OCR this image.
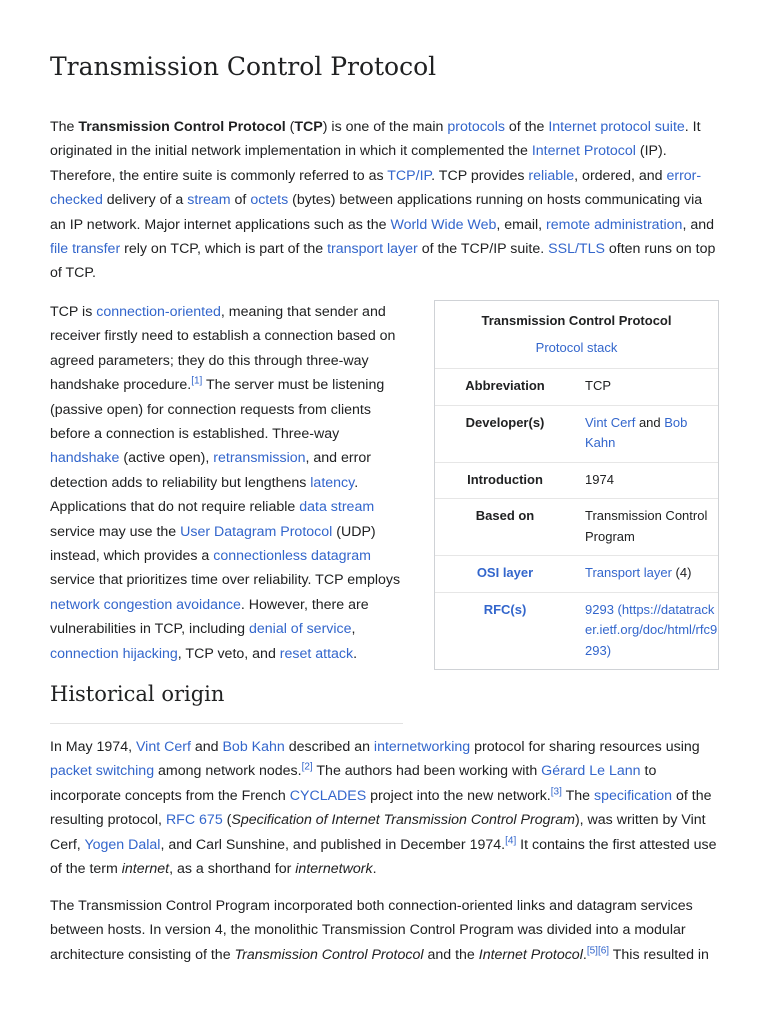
Transmission Control Protocol

The Transmission Control Protocol (TCP) is one of the main protocols of the Internet protocol suite. It originated in the initial network implementation in which it complemented the Internet Protocol (IP). Therefore, the entire suite is commonly referred to as TCP/IP. TCP provides reliable, ordered, and error-checked delivery of a stream of octets (bytes) between applications running on hosts communicating via an IP network. Major internet applications such as the World Wide Web, email, remote administration, and file transfer rely on TCP, which is part of the transport layer of the TCP/IP suite. SSL/TLS often runs on top of TCP.

TCP is connection-oriented, meaning that sender and receiver firstly need to establish a connection based on agreed parameters; they do this through three-way handshake procedure.[1] The server must be listening (passive open) for connection requests from clients before a connection is established. Three-way handshake (active open), retransmission, and error detection adds to reliability but lengthens latency. Applications that do not require reliable data stream service may use the User Datagram Protocol (UDP) instead, which provides a connectionless datagram service that prioritizes time over reliability. TCP employs network congestion avoidance. However, there are vulnerabilities in TCP, including denial of service, connection hijacking, TCP veto, and reset attack.

Transmission Control Protocol
Protocol stack
Abbreviation	TCP
Developer(s)	Vint Cerf and Bob Kahn
Introduction	1974
Based on	Transmission Control Program
OSI layer	Transport layer (4)
RFC(s)	9293 (https://datatracker.ietf.org/doc/html/rfc9293)
Historical origin

In May 1974, Vint Cerf and Bob Kahn described an internetworking protocol for sharing resources using packet switching among network nodes.[2] The authors had been working with Gérard Le Lann to incorporate concepts from the French CYCLADES project into the new network.[3] The specification of the resulting protocol, RFC 675 (Specification of Internet Transmission Control Program), was written by Vint Cerf, Yogen Dalal, and Carl Sunshine, and published in December 1974.[4] It contains the first attested use of the term internet, as a shorthand for internetwork.

The Transmission Control Program incorporated both connection-oriented links and datagram services between hosts. In version 4, the monolithic Transmission Control Program was divided into a modular architecture consisting of the Transmission Control Protocol and the Internet Protocol.[5][6] This resulted in
